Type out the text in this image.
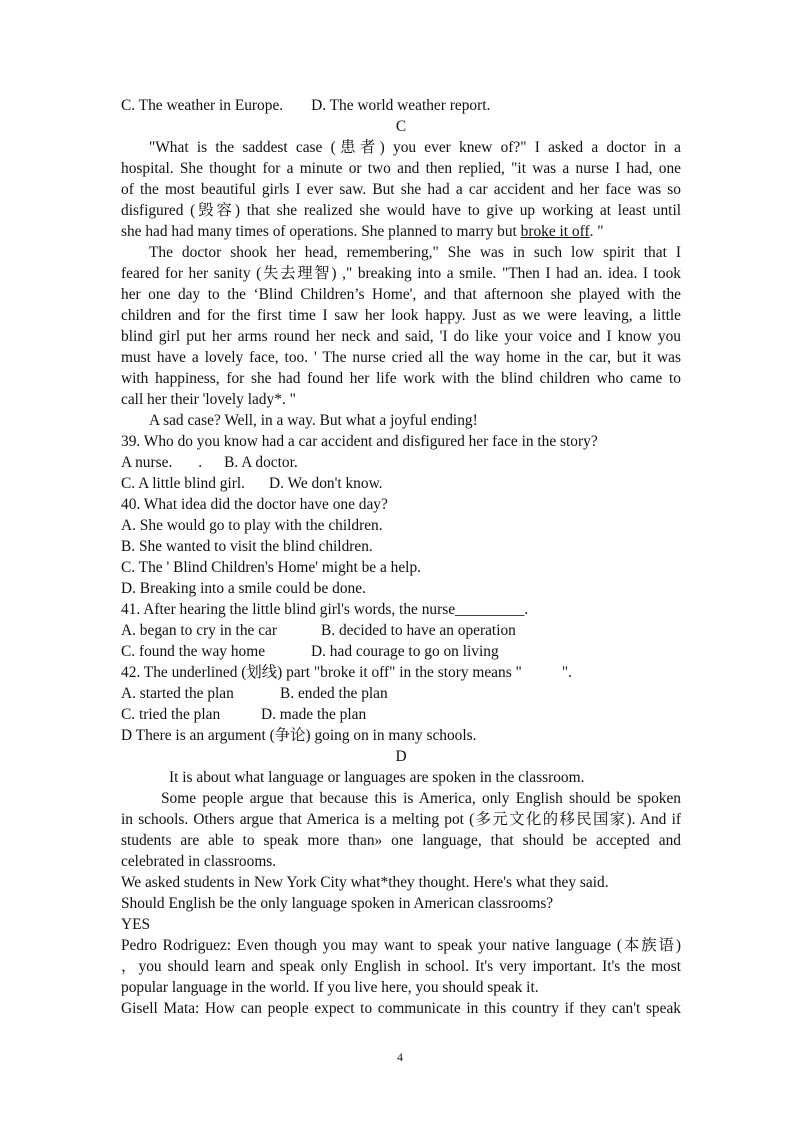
C. The weather in Europe. D. The world weather report.
C
"What is the saddest case (患者) you ever knew of?" I asked a doctor in a
hospital. She thought for a minute or two and then replied, "it was a nurse I had, one
of the most beautiful girls I ever saw. But she had a car accident and her face was so
disfigured (毁容) that she realized she would have to give up working at least until
she had had many times of operations. She planned to marry but broke it off. "
The doctor shook her head, remembering," She was in such low spirit that I
feared for her sanity (失去理智) ," breaking into a smile. "Then I had an. idea. I took
her one day to the ‘Blind Children’s Home', and that afternoon she played with the
children and for the first time I saw her look happy. Just as we were leaving, a little
blind girl put her arms round her neck and said, 'I do like your voice and I know you
must have a lovely face, too. ' The nurse cried all the way home in the car, but it was
with happiness, for she had found her life work with the blind children who came to
call her their 'lovely lady*. "
A sad case? Well, in a way. But what a joyful ending!
39. Who do you know had a car accident and disfigured her face in the story?
A nurse. . B. A doctor.
C. A little blind girl. D. We don't know.
40. What idea did the doctor have one day?
A. She would go to play with the children.
B. She wanted to visit the blind children.
C. The ' Blind Children's Home' might be a help.
D. Breaking into a smile could be done.
41. After hearing the little blind girl's words, the nurse_________.
A. began to cry in the car	B. decided to have an operation
C. found the way home	D. had courage to go on living
42. The underlined (划线) part "broke it off" in the story means "	".
A. started the plan	B. ended the plan
C. tried the plan	D. made the plan
D There is an argument (争论) going on in many schools.
D
It is about what language or languages are spoken in the classroom.
Some people argue that because this is America, only English should be spoken
in schools. Others argue that America is a melting pot (多元文化的移民国家). And if
students are able to speak more than» one language, that should be accepted and
celebrated in classrooms.
We asked students in New York City what*they thought. Here's what they said.
Should English be the only language spoken in American classrooms?
YES
Pedro Rodriguez: Even though you may want to speak your native language (本族语)
，you should learn and speak only English in school. It's very important. It's the most
popular language in the world. If you live here, you should speak it.
Gisell Mata: How can people expect to communicate in this country if they can't speak
4
